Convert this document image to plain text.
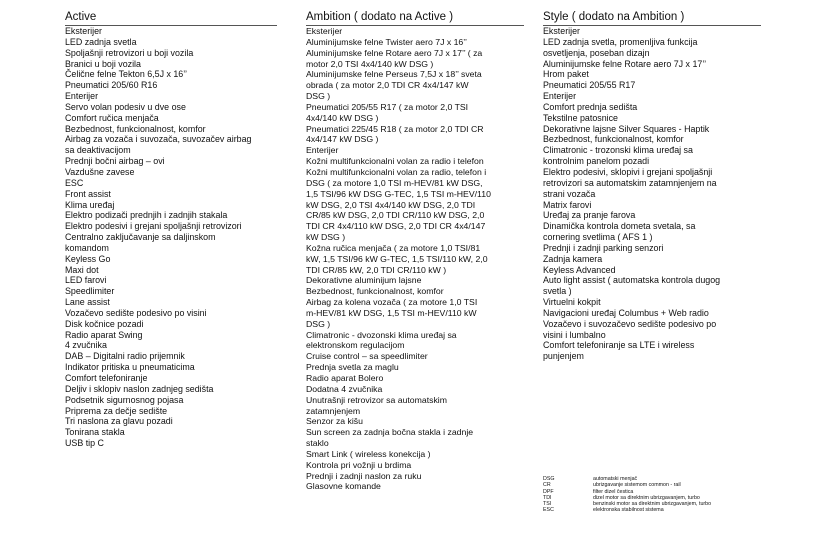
Active
Eksterijer
LED zadnja svetla
Spoljašnji retrovizori u boji vozila
Branici u boji vozila
Čelične felne Tekton 6,5J x 16’’
Pneumatici 205/60 R16
Enterijer
Servo volan podesiv u dve ose
Comfort ručica menjača
Bezbednost, funkcionalnost, komfor
Airbag za vozača i suvozača, suvozačev airbag
sa deaktivacijom
Prednji bočni airbag – ovi
Vazdušne zavese
ESC
Front assist
Klima uređaj
Elektro podizači prednjih i zadnjih stakala
Elektro podesivi i grejani spoljašnji retrovizori
Centralno zaključavanje sa daljinskom
komandom
Keyless Go
Maxi dot
LED farovi
Speedlimiter
Lane assist
Vozačevo sedište podesivo po visini
Disk kočnice pozadi
Radio aparat Swing
4 zvučnika
DAB – Digitalni radio prijemnik
Indikator pritiska u pneumaticima
Comfort telefoniranje
Deljiv i sklopiv naslon zadnjeg sedišta
Podsetnik sigurnosnog pojasa
Priprema za dečje sedište
Tri naslona za glavu pozadi
Tonirana stakla
USB tip C
Ambition ( dodato na Active )
Eksterijer
Aluminijumske felne Twister aero 7J x 16’’
Aluminijumske felne Rotare aero 7J x 17’’ ( za
motor 2,0 TSI 4x4/140 kW DSG )
Aluminijumske felne Perseus 7,5J x 18’’ sveta
obrada ( za motor 2,0 TDI CR 4x4/147 kW
DSG )
Pneumatici 205/55 R17 ( za motor 2,0 TSI
4x4/140 kW DSG )
Pneumatici 225/45 R18 ( za motor 2,0 TDI CR
4x4/147 kW DSG )
Enterijer
Kožni multifunkcionalni volan za radio i telefon
Kožni multifunkcionalni volan za radio, telefon i
DSG ( za motore 1,0 TSI m-HEV/81 kW DSG,
1,5 TSI/96 kW DSG G-TEC, 1,5 TSI m-HEV/110
kW DSG, 2,0 TSI 4x4/140 kW DSG, 2,0 TDI
CR/85 kW DSG, 2,0 TDI CR/110 kW DSG, 2,0
TDI CR 4x4/110 kW DSG, 2,0 TDI CR 4x4/147
kW DSG )
Kožna ručica menjača ( za motore 1,0 TSI/81
kW, 1,5 TSI/96 kW G-TEC, 1,5 TSI/110 kW, 2,0
TDI CR/85 kW, 2,0 TDI CR/110 kW )
Dekorativne aluminijum lajsne
Bezbednost, funkcionalnost, komfor
Airbag za kolena vozača ( za motore 1,0 TSI
m-HEV/81 kW DSG, 1,5 TSI m-HEV/110 kW
DSG )
Climatronic - dvozonski klima uređaj sa
elektronskom regulacijom
Cruise control – sa speedlimiter
Prednja svetla za maglu
Radio aparat Bolero
Dodatna 4 zvučnika
Unutrašnji retrovizor sa automatskim
zatamnjenjem
Senzor za kišu
Sun screen za zadnja bočna stakla i zadnje
staklo
Smart Link ( wireless konekcija )
Kontrola pri vožnji u brdima
Prednji i zadnji naslon za ruku
Glasovne komande
Style ( dodato na Ambition )
Eksterijer
LED zadnja svetla, promenljiva funkcija
osvetljenja, poseban dizajn
Aluminijumske felne Rotare aero 7J x 17’’
Hrom paket
Pneumatici 205/55 R17
Enterijer
Comfort prednja sedišta
Tekstilne patosnice
Dekorativne lajsne Silver Squares - Haptik
Bezbednost, funkcionalnost, komfor
Climatronic - trozonski klima uređaj sa
kontrolnim panelom pozadi
Elektro podesivi, sklopivi i grejani spoljašnji
retrovizori sa automatskim zatamnjenjem na
strani vozača
Matrix farovi
Uređaj za pranje farova
Dinamička kontrola dometa svetala, sa
cornering svetlima ( AFS 1 )
Prednji i zadnji parking senzori
Zadnja kamera
Keyless Advanced
Auto light assist ( automatska kontrola dugog
svetla )
Virtuelni kokpit
Navigacioni uređaj Columbus + Web radio
Vozačevo i suvozačevo sedište podesivo po
visini i lumbalno
Comfort telefoniranje sa LTE i wireless
punjenjem
DSG	automatski menjač
CR	ubrizgavanje sistemom common - rail
DPF	filter dizel čestica
TDI	dizel motor sa direktnim ubrizgavanjem, turbo
TSI	benzinski motor sa direktnim ubrizgavanjem, turbo
ESC	elektronska stabilnost sistema
